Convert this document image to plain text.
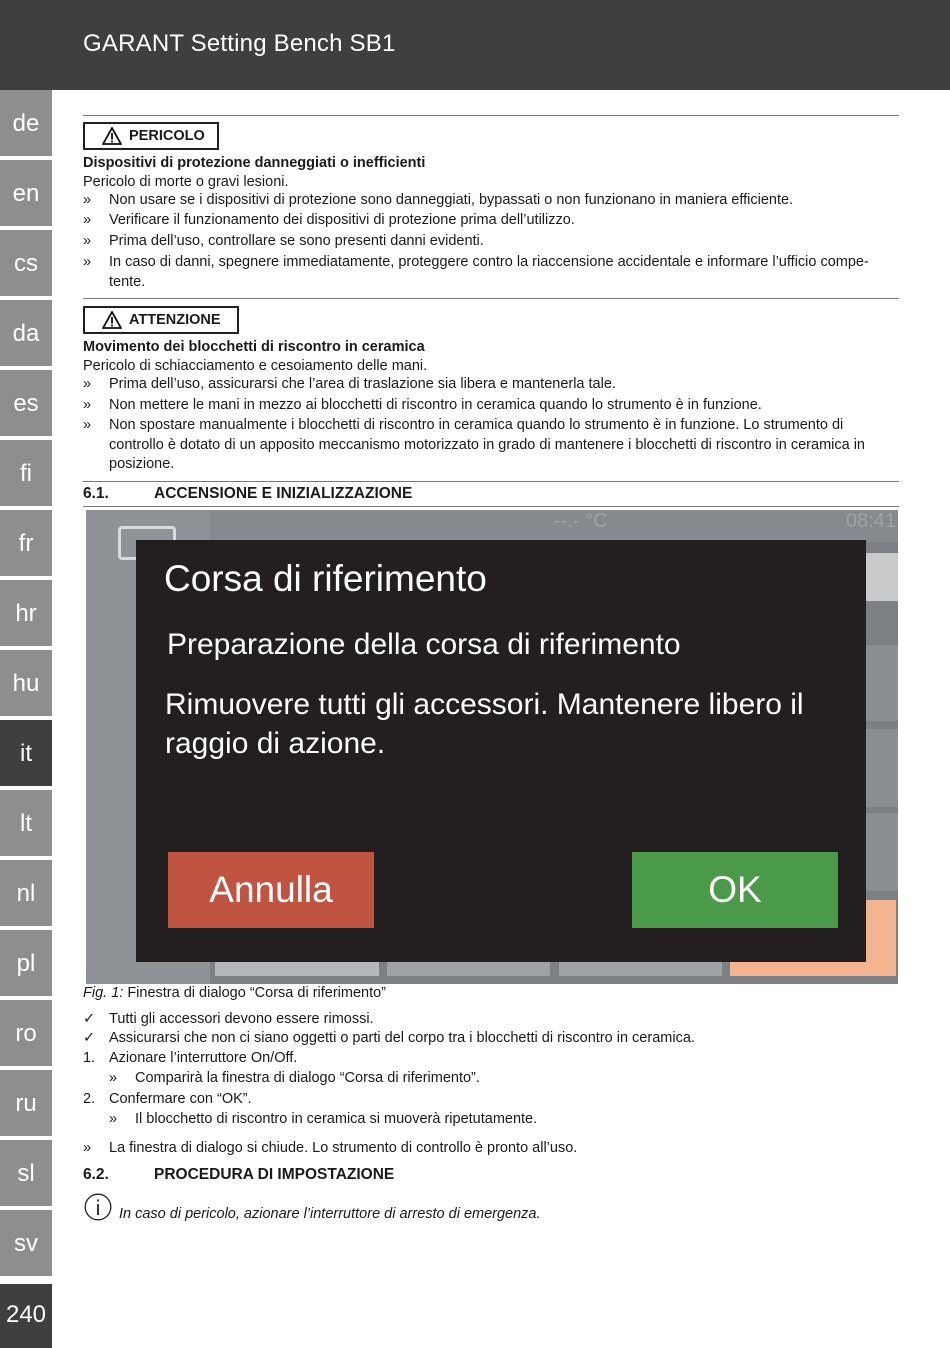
GARANT Setting Bench SB1
de
en
cs
da
es
fi
fr
hr
hu
it
lt
nl
pl
ro
ru
sl
sv
240
PERICOLO
Dispositivi di protezione danneggiati o inefficienti
Pericolo di morte o gravi lesioni.
» Non usare se i dispositivi di protezione sono danneggiati, bypassati o non funzionano in maniera efficiente.
» Verificare il funzionamento dei dispositivi di protezione prima dell’utilizzo.
» Prima dell’uso, controllare se sono presenti danni evidenti.
» In caso di danni, spegnere immediatamente, proteggere contro la riaccensione accidentale e informare l’ufficio compe-tente.
ATTENZIONE
Movimento dei blocchetti di riscontro in ceramica
Pericolo di schiacciamento e cesoiamento delle mani.
» Prima dell’uso, assicurarsi che l’area di traslazione sia libera e mantenerla tale.
» Non mettere le mani in mezzo ai blocchetti di riscontro in ceramica quando lo strumento è in funzione.
» Non spostare manualmente i blocchetti di riscontro in ceramica quando lo strumento è in funzione. Lo strumento di controllo è dotato di un apposito meccanismo motorizzato in grado di mantenere i blocchetti di riscontro in ceramica in posizione.
6.1.	ACCENSIONE E INIZIALIZZAZIONE
--.- °C	08:41
Corsa di riferimento
Preparazione della corsa di riferimento
Rimuovere tutti gli accessori. Mantenere libero il raggio di azione.
Annulla	OK
Fig. 1: Finestra di dialogo “Corsa di riferimento”
✓ Tutti gli accessori devono essere rimossi.
✓ Assicurarsi che non ci siano oggetti o parti del corpo tra i blocchetti di riscontro in ceramica.
1. Azionare l’interruttore On/Off.
» Comparirà la finestra di dialogo “Corsa di riferimento”.
2. Confermare con “OK”.
» Il blocchetto di riscontro in ceramica si muoverà ripetutamente.
» La finestra di dialogo si chiude. Lo strumento di controllo è pronto all’uso.
6.2.	PROCEDURA DI IMPOSTAZIONE
In caso di pericolo, azionare l’interruttore di arresto di emergenza.
